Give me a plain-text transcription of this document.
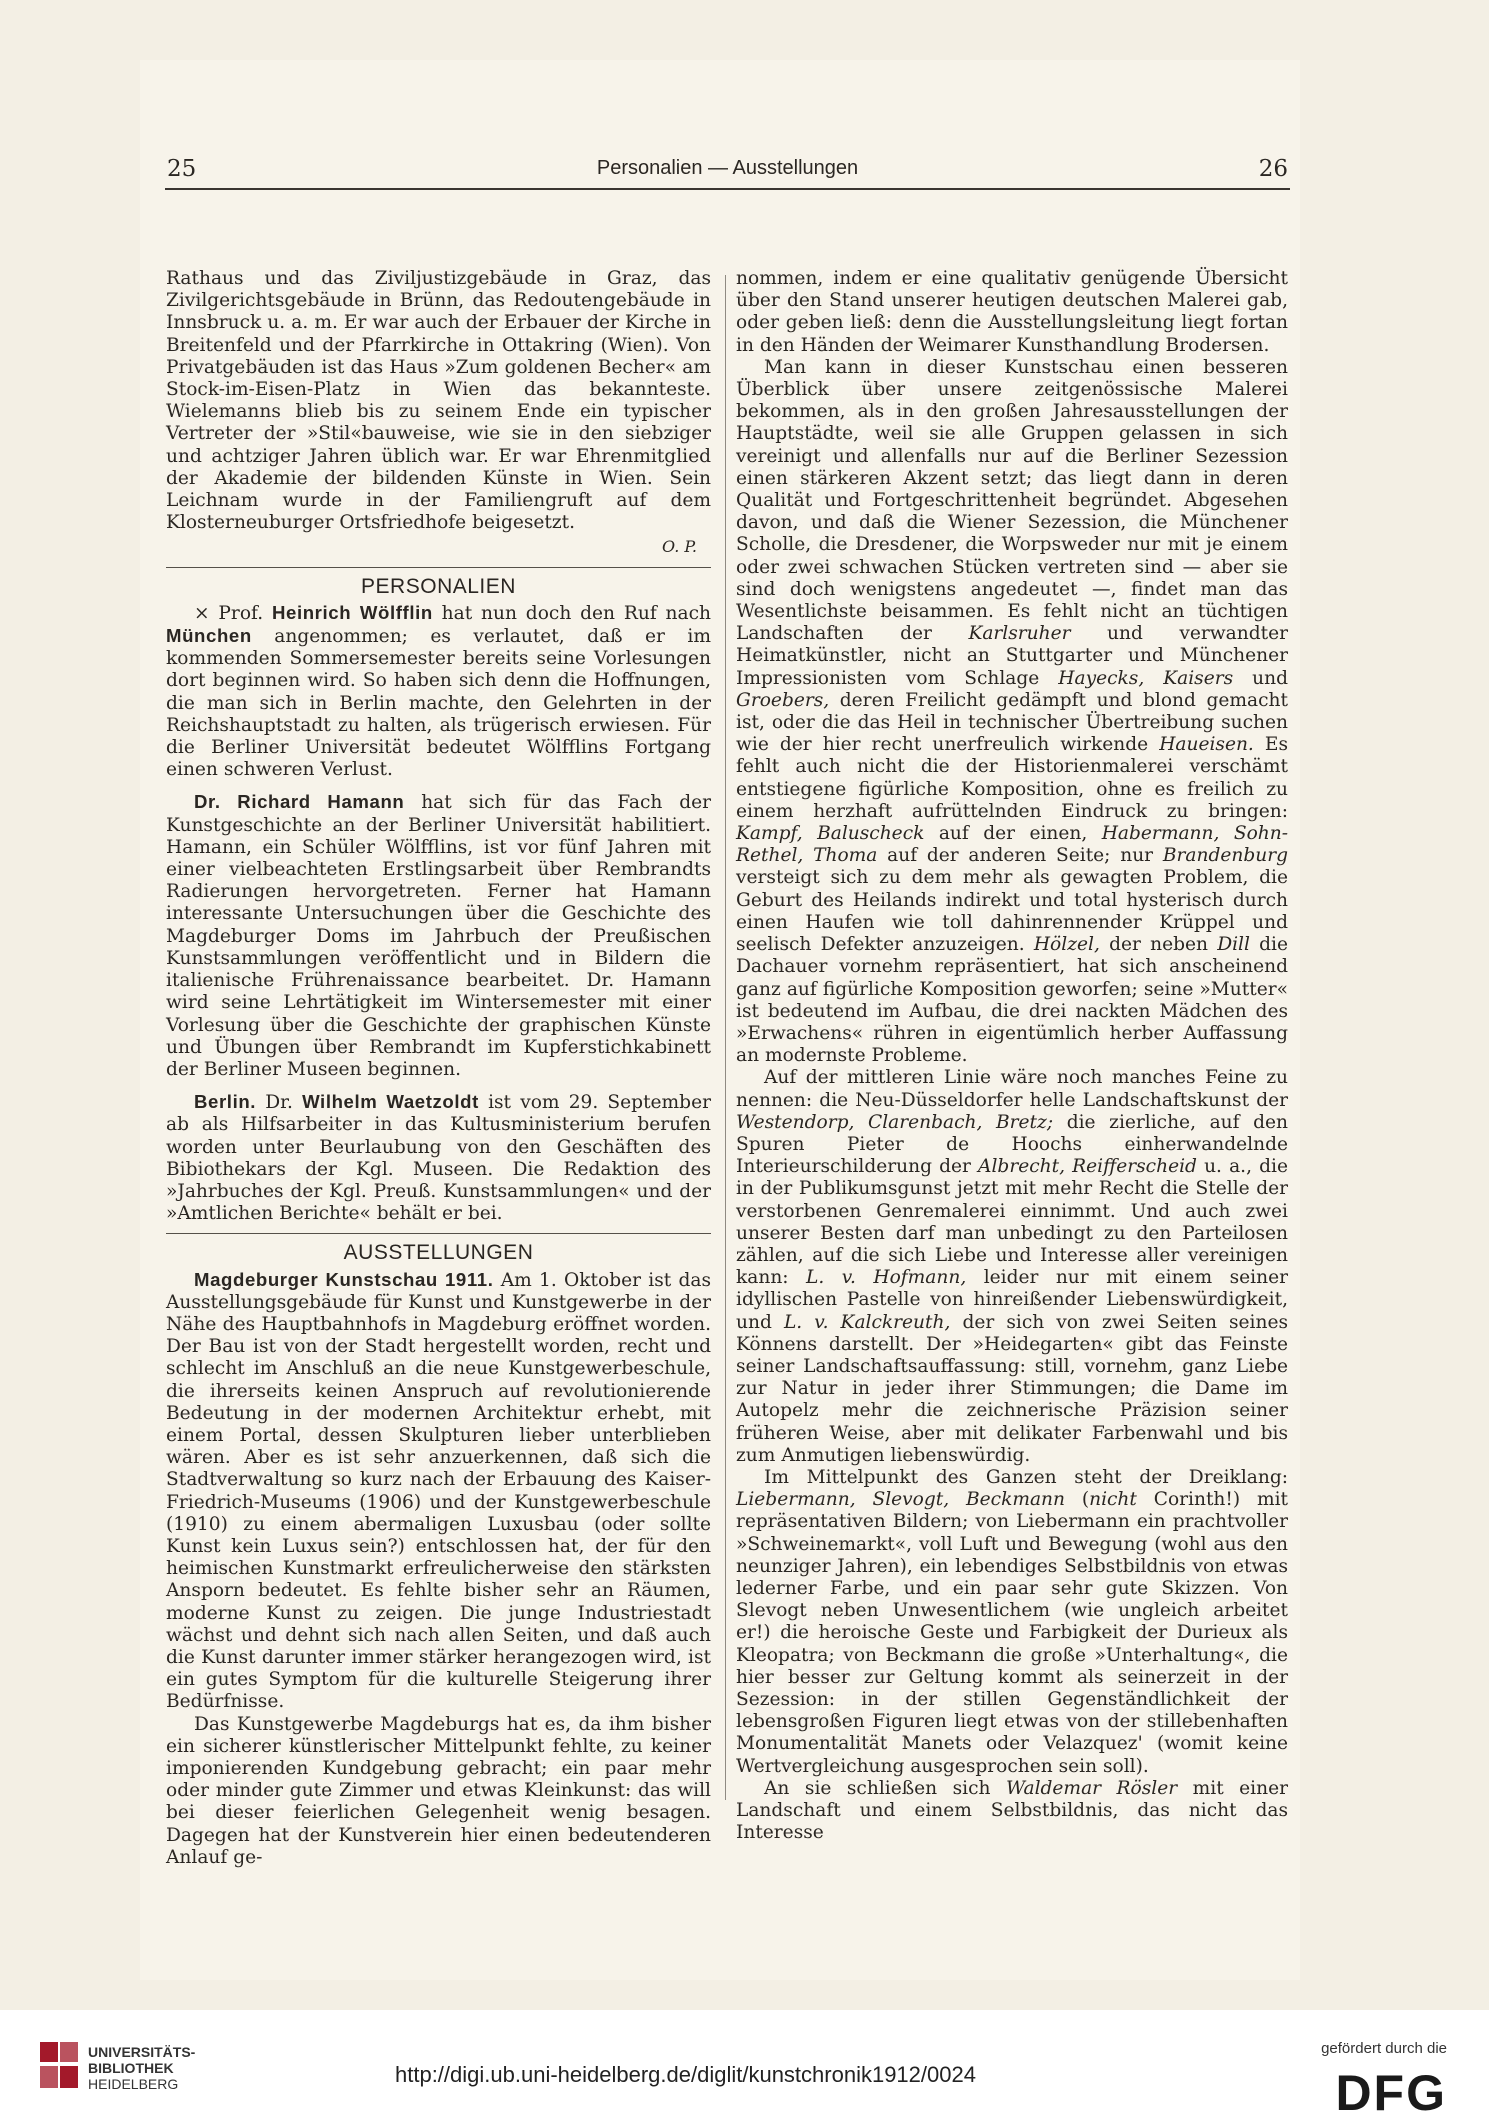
25	Personalien — Ausstellungen	26

Rathaus und das Ziviljustizgebäude in Graz, das Zivilgerichtsgebäude in Brünn, das Redoutengebäude in Innsbruck u. a. m. Er war auch der Erbauer der Kirche in Breitenfeld und der Pfarrkirche in Ottakring (Wien). Von Privatgebäuden ist das Haus »Zum goldenen Becher« am Stock-im-Eisen-Platz in Wien das bekannteste. Wielemanns blieb bis zu seinem Ende ein typischer Vertreter der »Stil«bauweise, wie sie in den siebziger und achtziger Jahren üblich war. Er war Ehrenmitglied der Akademie der bildenden Künste in Wien. Sein Leichnam wurde in der Familiengruft auf dem Klosterneuburger Ortsfriedhofe beigesetzt.

O. P.
PERSONALIEN

× Prof. Heinrich Wölfflin hat nun doch den Ruf nach München angenommen; es verlautet, daß er im kommenden Sommersemester bereits seine Vorlesungen dort beginnen wird. So haben sich denn die Hoffnungen, die man sich in Berlin machte, den Gelehrten in der Reichshauptstadt zu halten, als trügerisch erwiesen. Für die Berliner Universität bedeutet Wölfflins Fortgang einen schweren Verlust.

Dr. Richard Hamann hat sich für das Fach der Kunstgeschichte an der Berliner Universität habilitiert. Hamann, ein Schüler Wölfflins, ist vor fünf Jahren mit einer vielbeachteten Erstlingsarbeit über Rembrandts Radierungen hervorgetreten. Ferner hat Hamann interessante Untersuchungen über die Geschichte des Magdeburger Doms im Jahrbuch der Preußischen Kunstsammlungen veröffentlicht und in Bildern die italienische Frührenaissance bearbeitet. Dr. Hamann wird seine Lehrtätigkeit im Wintersemester mit einer Vorlesung über die Geschichte der graphischen Künste und Übungen über Rembrandt im Kupferstichkabinett der Berliner Museen beginnen.

Berlin. Dr. Wilhelm Waetzoldt ist vom 29. September ab als Hilfsarbeiter in das Kultusministerium berufen worden unter Beurlaubung von den Geschäften des Bibiothekars der Kgl. Museen. Die Redaktion des »Jahrbuches der Kgl. Preuß. Kunstsammlungen« und der »Amtlichen Berichte« behält er bei.

AUSSTELLUNGEN

Magdeburger Kunstschau 1911. Am 1. Oktober ist das Ausstellungsgebäude für Kunst und Kunstgewerbe in der Nähe des Hauptbahnhofs in Magdeburg eröffnet worden. Der Bau ist von der Stadt hergestellt worden, recht und schlecht im Anschluß an die neue Kunstgewerbeschule, die ihrerseits keinen Anspruch auf revolutionierende Bedeutung in der modernen Architektur erhebt, mit einem Portal, dessen Skulpturen lieber unterblieben wären. Aber es ist sehr anzuerkennen, daß sich die Stadtverwaltung so kurz nach der Erbauung des Kaiser-Friedrich-Museums (1906) und der Kunstgewerbeschule (1910) zu einem abermaligen Luxusbau (oder sollte Kunst kein Luxus sein?) entschlossen hat, der für den heimischen Kunstmarkt erfreulicherweise den stärksten Ansporn bedeutet. Es fehlte bisher sehr an Räumen, moderne Kunst zu zeigen. Die junge Industriestadt wächst und dehnt sich nach allen Seiten, und daß auch die Kunst darunter immer stärker herangezogen wird, ist ein gutes Symptom für die kulturelle Steigerung ihrer Bedürfnisse.

Das Kunstgewerbe Magdeburgs hat es, da ihm bisher ein sicherer künstlerischer Mittelpunkt fehlte, zu keiner imponierenden Kundgebung gebracht; ein paar mehr oder minder gute Zimmer und etwas Kleinkunst: das will bei dieser feierlichen Gelegenheit wenig besagen. Dagegen hat der Kunstverein hier einen bedeutenderen Anlauf ge-

nommen, indem er eine qualitativ genügende Übersicht über den Stand unserer heutigen deutschen Malerei gab, oder geben ließ: denn die Ausstellungsleitung liegt fortan in den Händen der Weimarer Kunsthandlung Brodersen.

Man kann in dieser Kunstschau einen besseren Überblick über unsere zeitgenössische Malerei bekommen, als in den großen Jahresausstellungen der Hauptstädte, weil sie alle Gruppen gelassen in sich vereinigt und allenfalls nur auf die Berliner Sezession einen stärkeren Akzent setzt; das liegt dann in deren Qualität und Fortgeschrittenheit begründet. Abgesehen davon, und daß die Wiener Sezession, die Münchener Scholle, die Dresdener, die Worpsweder nur mit je einem oder zwei schwachen Stücken vertreten sind — aber sie sind doch wenigstens angedeutet —, findet man das Wesentlichste beisammen. Es fehlt nicht an tüchtigen Landschaften der Karlsruher und verwandter Heimatkünstler, nicht an Stuttgarter und Münchener Impressionisten vom Schlage Hayecks, Kaisers und Groebers, deren Freilicht gedämpft und blond gemacht ist, oder die das Heil in technischer Übertreibung suchen wie der hier recht unerfreulich wirkende Haueisen. Es fehlt auch nicht die der Historienmalerei verschämt entstiegene figürliche Komposition, ohne es freilich zu einem herzhaft aufrüttelnden Eindruck zu bringen: Kampf, Baluscheck auf der einen, Habermann, Sohn-Rethel, Thoma auf der anderen Seite; nur Brandenburg versteigt sich zu dem mehr als gewagten Problem, die Geburt des Heilands indirekt und total hysterisch durch einen Haufen wie toll dahinrennender Krüppel und seelisch Defekter anzuzeigen. Hölzel, der neben Dill die Dachauer vornehm repräsentiert, hat sich anscheinend ganz auf figürliche Komposition geworfen; seine »Mutter« ist bedeutend im Aufbau, die drei nackten Mädchen des »Erwachens« rühren in eigentümlich herber Auffassung an modernste Probleme.

Auf der mittleren Linie wäre noch manches Feine zu nennen: die Neu-Düsseldorfer helle Landschaftskunst der Westendorp, Clarenbach, Bretz; die zierliche, auf den Spuren Pieter de Hoochs einherwandelnde Interieurschilderung der Albrecht, Reifferscheid u. a., die in der Publikumsgunst jetzt mit mehr Recht die Stelle der verstorbenen Genremalerei einnimmt. Und auch zwei unserer Besten darf man unbedingt zu den Parteilosen zählen, auf die sich Liebe und Interesse aller vereinigen kann: L. v. Hofmann, leider nur mit einem seiner idyllischen Pastelle von hinreißender Liebenswürdigkeit, und L. v. Kalckreuth, der sich von zwei Seiten seines Könnens darstellt. Der »Heidegarten« gibt das Feinste seiner Landschaftsauffassung: still, vornehm, ganz Liebe zur Natur in jeder ihrer Stimmungen; die Dame im Autopelz mehr die zeichnerische Präzision seiner früheren Weise, aber mit delikater Farbenwahl und bis zum Anmutigen liebenswürdig.

Im Mittelpunkt des Ganzen steht der Dreiklang: Liebermann, Slevogt, Beckmann (nicht Corinth!) mit repräsentativen Bildern; von Liebermann ein prachtvoller »Schweinemarkt«, voll Luft und Bewegung (wohl aus den neunziger Jahren), ein lebendiges Selbstbildnis von etwas lederner Farbe, und ein paar sehr gute Skizzen. Von Slevogt neben Unwesentlichem (wie ungleich arbeitet er!) die heroische Geste und Farbigkeit der Durieux als Kleopatra; von Beckmann die große »Unterhaltung«, die hier besser zur Geltung kommt als seinerzeit in der Sezession: in der stillen Gegenständlichkeit der lebensgroßen Figuren liegt etwas von der stillebenhaften Monumentalität Manets oder Velazquez' (womit keine Wertvergleichung ausgesprochen sein soll).

An sie schließen sich Waldemar Rösler mit einer Landschaft und einem Selbstbildnis, das nicht das Interesse

UNIVERSITÄTS-
BIBLIOTHEK
HEIDELBERG	http://digi.ub.uni-heidelberg.de/diglit/kunstchronik1912/0024
gefördert durch die
DFG
